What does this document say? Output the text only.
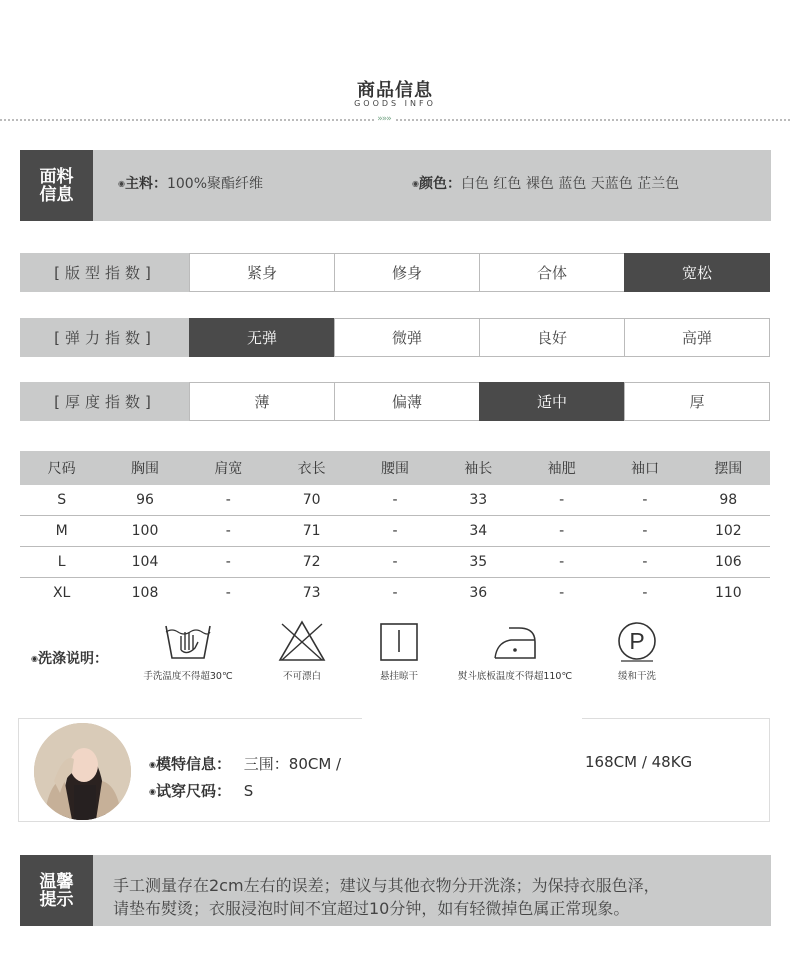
商品信息
GOODS INFO
»»»
面料
信息
◉主料：100%聚酯纤维	◉颜色：白色 红色 裸色 蓝色 天蓝色 芷兰色
[版型指数]	紧身	修身	合体	宽松
[弹力指数]	无弹	微弹	良好	高弹
[厚度指数]	薄	偏薄	适中	厚
尺码	胸围	肩宽	衣长	腰围	袖长	袖肥	袖口	摆围
S	96	-	70	-	33	-	-	98
M	100	-	71	-	34	-	-	102
L	104	-	72	-	35	-	-	106
XL	108	-	73	-	36	-	-	110
◉洗涤说明：
手洗温度不得超30℃	不可漂白	悬挂晾干	熨斗底板温度不得超110℃
P
缓和干洗
◉模特信息： 三围：80CM /	168CM / 48KG
◉试穿尺码： S
温馨
提示
手工测量存在2cm左右的误差；建议与其他衣物分开洗涤；为保持衣服色泽，
请垫布熨烫；衣服浸泡时间不宜超过10分钟，如有轻微掉色属正常现象。
